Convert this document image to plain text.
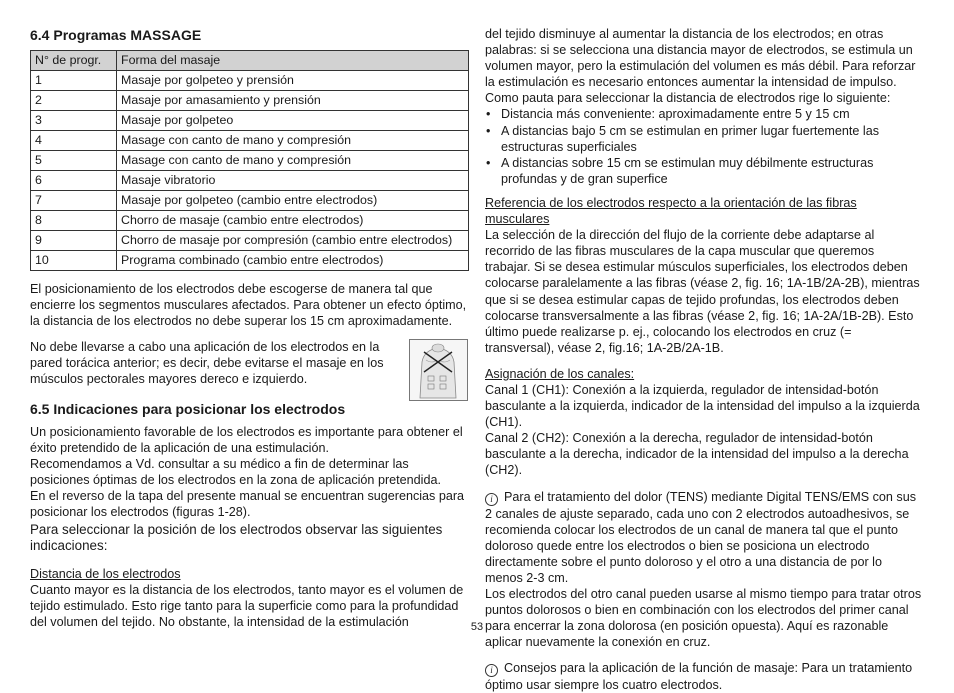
6.4 Programas MASSAGE
N° de progr.	Forma del masaje
1	Masaje por golpeteo y prensión
2	Masaje por amasamiento y prensión
3	Masaje por golpeteo
4	Masage con canto de mano y compresión
5	Masage con canto de mano y compresión
6	Masaje vibratorio
7	Masaje por golpeteo (cambio entre electrodos)
8	Chorro de masaje (cambio entre electrodos)
9	Chorro de masaje por compresión (cambio entre electrodos)
10	Programa combinado (cambio entre electrodos)

El posicionamiento de los electrodos debe escogerse de manera tal que encierre los segmentos musculares afectados. Para obtener un efecto óptimo, la distancia de los electrodos no debe superar los 15 cm aproximadamente.

No debe llevarse a cabo una aplicación de los electrodos en la pared torácica anterior; es decir, debe evitarse el masaje en los músculos pectorales mayores dereco e izquierdo.

6.5 Indicaciones para posicionar los electrodos

Un posicionamiento favorable de los electrodos es importante para obtener el éxito pretendido de la aplicación de una estimulación.

Recomendamos a Vd. consultar a su médico a fin de determinar las posiciones óptimas de los electrodos en la zona de aplicación pretendida.

En el reverso de la tapa del presente manual se encuentran sugerencias para posicionar los electrodos (figuras 1-28).

Para seleccionar la posición de los electrodos observar las siguientes indicaciones:

Distancia de los electrodos

Cuanto mayor es la distancia de los electrodos, tanto mayor es el volumen de tejido estimulado. Esto rige tanto para la superficie como para la profundidad del volumen del tejido. No obstante, la intensidad de la estimulación

del tejido disminuye al aumentar la distancia de los electrodos; en otras palabras: si se selecciona una distancia mayor de electrodos, se estimula un volumen mayor, pero la estimulación del volumen es más débil. Para reforzar la estimulación es necesario entonces aumentar la intensidad de impulso.

Como pauta para seleccionar la distancia de electrodos rige lo siguiente:

• Distancia más conveniente: aproximadamente entre 5 y 15 cm
• A distancias bajo 5 cm se estimulan en primer lugar fuertemente las estructuras superficiales
• A distancias sobre 15 cm se estimulan muy débilmente estructuras profundas y de gran superfice

Referencia de los electrodos respecto a la orientación de las fibras musculares

La selección de la dirección del flujo de la corriente debe adaptarse al recorrido de las fibras musculares de la capa muscular que queremos trabajar. Si se desea estimular músculos superficiales, los electrodos deben colocarse paralelamente a las fibras (véase 2, fig. 16; 1A-1B/2A-2B), mientras que si se desea estimular capas de tejido profundas, los electrodos deben colocarse transversalmente a las fibras (véase 2, fig. 16; 1A-2A/1B-2B). Esto último puede realizarse p. ej., colocando los electrodos en cruz (= transversal), véase 2, fig.16; 1A-2B/2A-1B.

Asignación de los canales:

Canal 1 (CH1): Conexión a la izquierda, regulador de intensidad-botón basculante a la izquierda, indicador de la intensidad del impulso a la izquierda (CH1).

Canal 2 (CH2): Conexión a la derecha, regulador de intensidad-botón basculante a la derecha, indicador de la intensidad del impulso a la derecha (CH2).

i Para el tratamiento del dolor (TENS) mediante Digital TENS/EMS con sus 2 canales de ajuste separado, cada uno con 2 electrodos autoadhesivos, se recomienda colocar los electrodos de un canal de manera tal que el punto doloroso quede entre los electrodos o bien se posiciona un electrodo directamente sobre el punto doloroso y el otro a una distancia de por lo menos 2-3 cm.

Los electrodos del otro canal pueden usarse al mismo tiempo para tratar otros puntos dolorosos o bien en combinación con los electrodos del primer canal para encerrar la zona dolorosa (en posición opuesta). Aquí es razonable aplicar nuevamente la conexión en cruz.

i Consejos para la aplicación de la función de masaje: Para un tratamiento óptimo usar siempre los cuatro electrodos.

53
